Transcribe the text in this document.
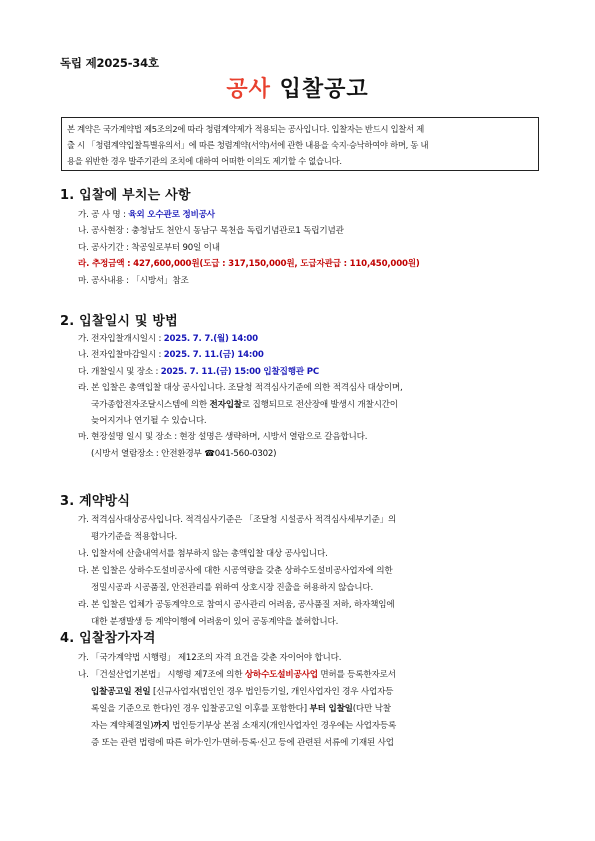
독립 제2025-34호
공사 입찰공고
본 계약은 국가계약법 제5조의2에 따라 청렴계약제가 적용되는 공사입니다. 입찰자는 반드시 입찰서 제
출 시 「청렴계약입찰특별유의서」에 따른 청렴계약(서약)서에 관한 내용을 숙지·승낙하여야 하며, 동 내
용을 위반한 경우 발주기관의 조치에 대하여 어떠한 이의도 제기할 수 없습니다.
1. 입찰에 부치는 사항
가. 공 사 명 : 육외 오수관로 정비공사
나. 공사현장 : 충청남도 천안시 동남구 목천읍 독립기념관로1 독립기념관
다. 공사기간 : 착공일로부터 90일 이내
라. 추정금액 : 427,600,000원(도급 : 317,150,000원, 도급자관급 : 110,450,000원)
마. 공사내용 : 「시방서」참조
2. 입찰일시 및 방법
가. 전자입찰개시일시 : 2025. 7. 7.(월) 14:00
나. 전자입찰마감일시 : 2025. 7. 11.(금) 14:00
다. 개찰일시 및 장소 : 2025. 7. 11.(금) 15:00 입찰집행관 PC
라. 본 입찰은 총액입찰 대상 공사입니다. 조달청 적격심사기준에 의한 적격심사 대상이며,
국가종합전자조달시스템에 의한 전자입찰로 집행되므로 전산장애 발생시 개찰시간이
늦어지거나 연기될 수 있습니다.
마. 현장설명 일시 및 장소 : 현장 설명은 생략하며, 시방서 열람으로 갈음합니다.
(시방서 열람장소 : 안전환경부 ☎041-560-0302)
3. 계약방식
가. 적격심사대상공사입니다. 적격심사기준은 「조달청 시설공사 적격심사세부기준」의
평가기준을 적용합니다.
나. 입찰서에 산출내역서를 첨부하지 않는 총액입찰 대상 공사입니다.
다. 본 입찰은 상하수도설비공사에 대한 시공역량을 갖춘 상하수도설비공사업자에 의한
정밀시공과 시공품질, 안전관리를 위하여 상호시장 진출을 허용하지 않습니다.
라. 본 입찰은 업체가 공동계약으로 참여시 공사관리 어려움, 공사품질 저하, 하자책임에
대한 분쟁발생 등 계약이행에 어려움이 있어 공동계약을 불허합니다.
4. 입찰참가자격
가. 「국가계약법 시행령」 제12조의 자격 요건을 갖춘 자이어야 합니다.
나. 「건설산업기본법」 시행령 제7조에 의한 상하수도설비공사업 면허를 등록한자로서
입찰공고일 전일 [신규사업자(법인인 경우 법인등기일, 개인사업자인 경우 사업자등
록일을 기준으로 한다)인 경우 입찰공고일 이후를 포함한다] 부터 입찰일(다만 낙찰
자는 계약체결일)까지 법인등기부상 본점 소재지(개인사업자인 경우에는 사업자등록
증 또는 관련 법령에 따른 허가·인가·면허·등록·신고 등에 관련된 서류에 기재된 사업
